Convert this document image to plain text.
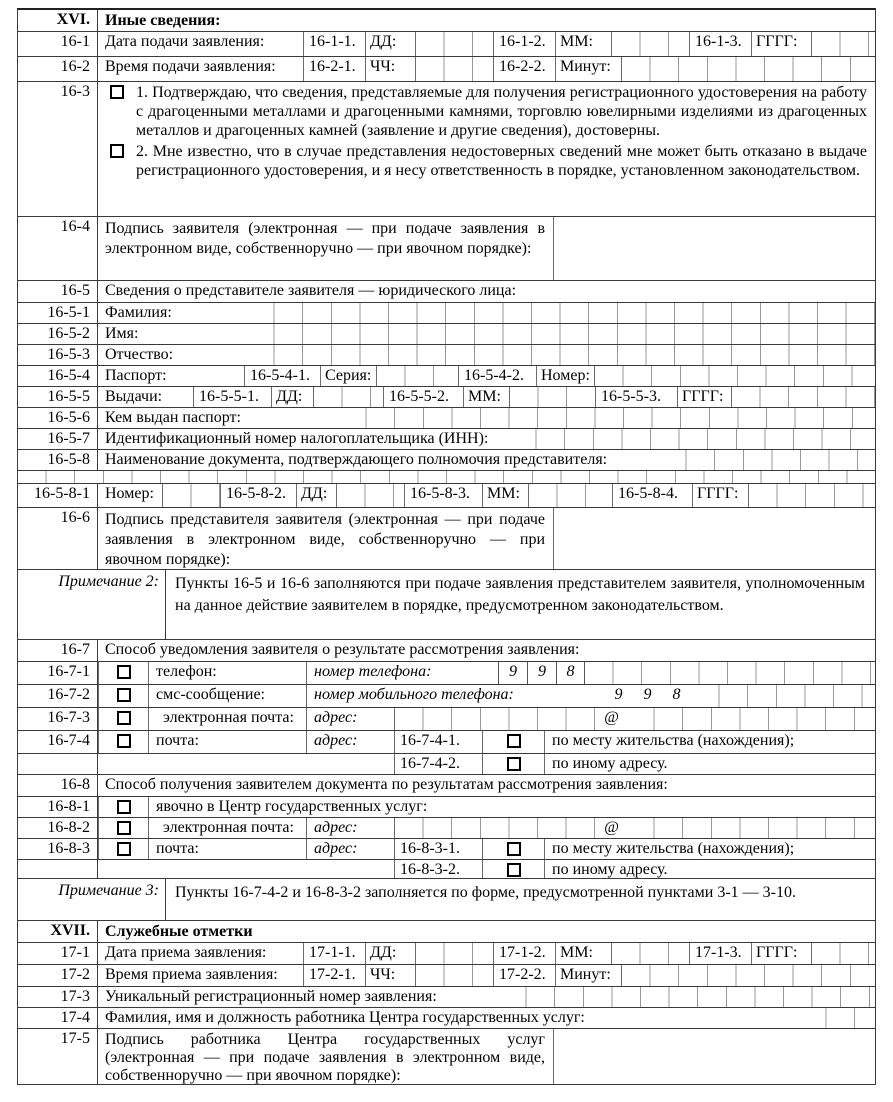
XVI. Иные сведения:
16-1 Дата подачи заявления:	16-1-1. ДД:	16-1-2. ММ:	16-1-3. ГГГГ:
16-2 Время подачи заявления:	16-2-1. ЧЧ:	16-2-2. Минут:
16-3	1. Подтверждаю, что сведения, представляемые для получения регистрационного удостоверения на работу с драгоценными металлами и драгоценными камнями, торговлю ювелирными изделиями из драгоценных металлов и драгоценных камней (заявление и другие сведения), достоверны.
2. Мне известно, что в случае представления недостоверных сведений мне может быть отказано в выдаче регистрационного удостоверения, и я несу ответственность в порядке, установленном законодательством.
16-4 Подпись заявителя (электронная — при подаче заявления в электронном виде, собственноручно — при явочном порядке):
16-5 Сведения о представителе заявителя — юридического лица:
16-5-1 Фамилия:
16-5-2 Имя:
16-5-3 Отчество:
16-5-4 Паспорт:	16-5-4-1. Серия:	16-5-4-2.	Номер:
16-5-5 Выдачи:	16-5-5-1.	ДД:	16-5-5-2.	ММ:	16-5-5-3.	ГГГГ:
16-5-6 Кем выдан паспорт:
16-5-7 Идентификационный номер налогоплательщика (ИНН):
16-5-8 Наименование документа, подтверждающего полномочия представителя:
16-5-8-1 Номер:	16-5-8-2. ДД:	16-5-8-3.	ММ:	16-5-8-4.	ГГГГ:
16-6 Подпись представителя заявителя (электронная — при подаче заявления в электронном виде, собственноручно — при явочном порядке):
Примечание 2:	Пункты 16-5 и 16-6 заполняются при подаче заявления представителем заявителя, уполномоченным на данное действие заявителем в порядке, предусмотренном законодательством.
16-7 Способ уведомления заявителя о результате рассмотрения заявления:
16-7-1	телефон:	номер телефона:	9	9	8
16-7-2	смс-сообщение:	номер мобильного телефона:	9	9	8
16-7-3	электронная почта:	адрес:	@
16-7-4	почта:	адрес:	16-7-4-1.	по месту жительства (нахождения);
16-7-4-2.	по иному адресу.
16-8 Способ получения заявителем документа по результатам рассмотрения заявления:
16-8-1	явочно в Центр государственных услуг:
16-8-2	электронная почта:	адрес:	@
16-8-3	почта:	адрес:	16-8-3-1.	по месту жительства (нахождения);
16-8-3-2.	по иному адресу.
Примечание 3:	Пункты 16-7-4-2 и 16-8-3-2 заполняется по форме, предусмотренной пунктами 3-1 — 3-10.
XVII. Служебные отметки
17-1 Дата приема заявления:	17-1-1. ДД:	17-1-2. ММ:	17-1-3. ГГГГ:
17-2 Время приема заявления:	17-2-1. ЧЧ:	17-2-2. Минут:
17-3 Уникальный регистрационный номер заявления:
17-4 Фамилия, имя и должность работника Центра государственных услуг:
17-5 Подпись работника Центра государственных услуг (электронная — при подаче заявления в электронном виде, собственноручно — при явочном порядке):
